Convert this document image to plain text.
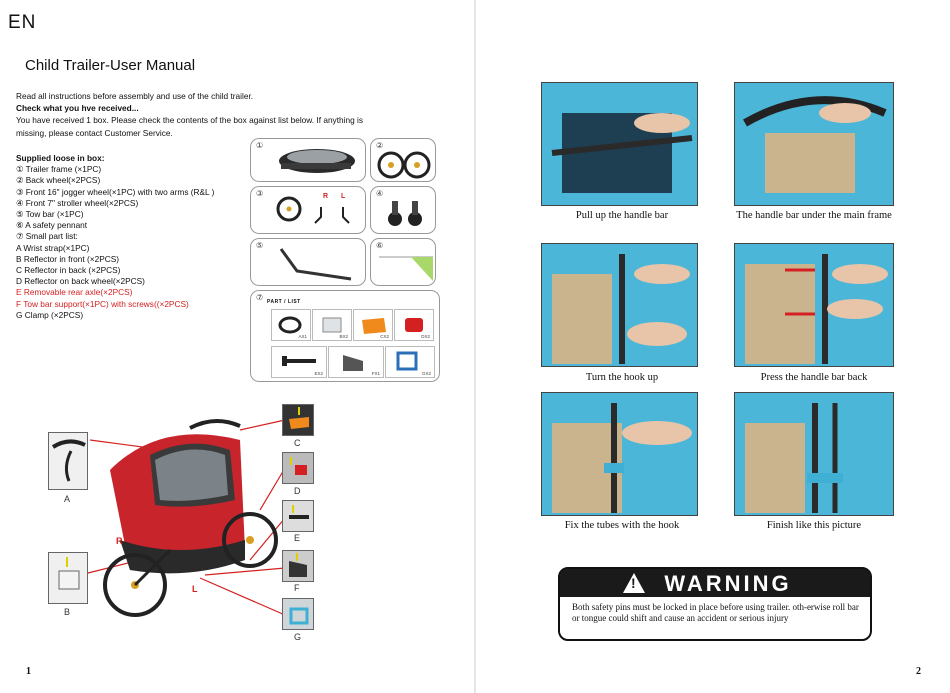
EN
Child Trailer-User Manual
Read all instructions before assembly and use of the child trailer.
Check what you hve received...
You have received 1 box. Please check the contents of the box against list below. If anything is
missing, please contact Customer Service.
Supplied loose in box:
① Trailer frame (×1PC)
② Back wheel(×2PCS)
③ Front 16" jogger wheel(×1PC) with two arms (R&L )
④ Front 7" stroller wheel(×2PCS)
⑤ Tow bar (×1PC)
⑥ A safety pennant
⑦ Small part list:
A Wrist strap(×1PC)
B Reflector in front (×2PCS)
C Reflector in back (×2PCS)
D Reflector on back wheel(×2PCS)
E Removable rear axle(×2PCS)
F Tow bar support(×1PC) with screws((×2PCS)
G Clamp (×2PCS)
①	②
③	R L	④
⑤	⑥
⑦ PART / LIST
AX1	BX2	CX2	DX2
EX2	FX1	GX2
R
L
A
B
C
D
E
F
G
1
Pull up the handle bar	The handle bar under the main frame
Turn the hook up	Press the handle bar back
Fix the tubes with the hook	Finish like this picture
! WARNING
Both safety pins must be locked in place before using trailer. oth-erwise roll bar or tongue could shift and cause an accident or serious injury
2
